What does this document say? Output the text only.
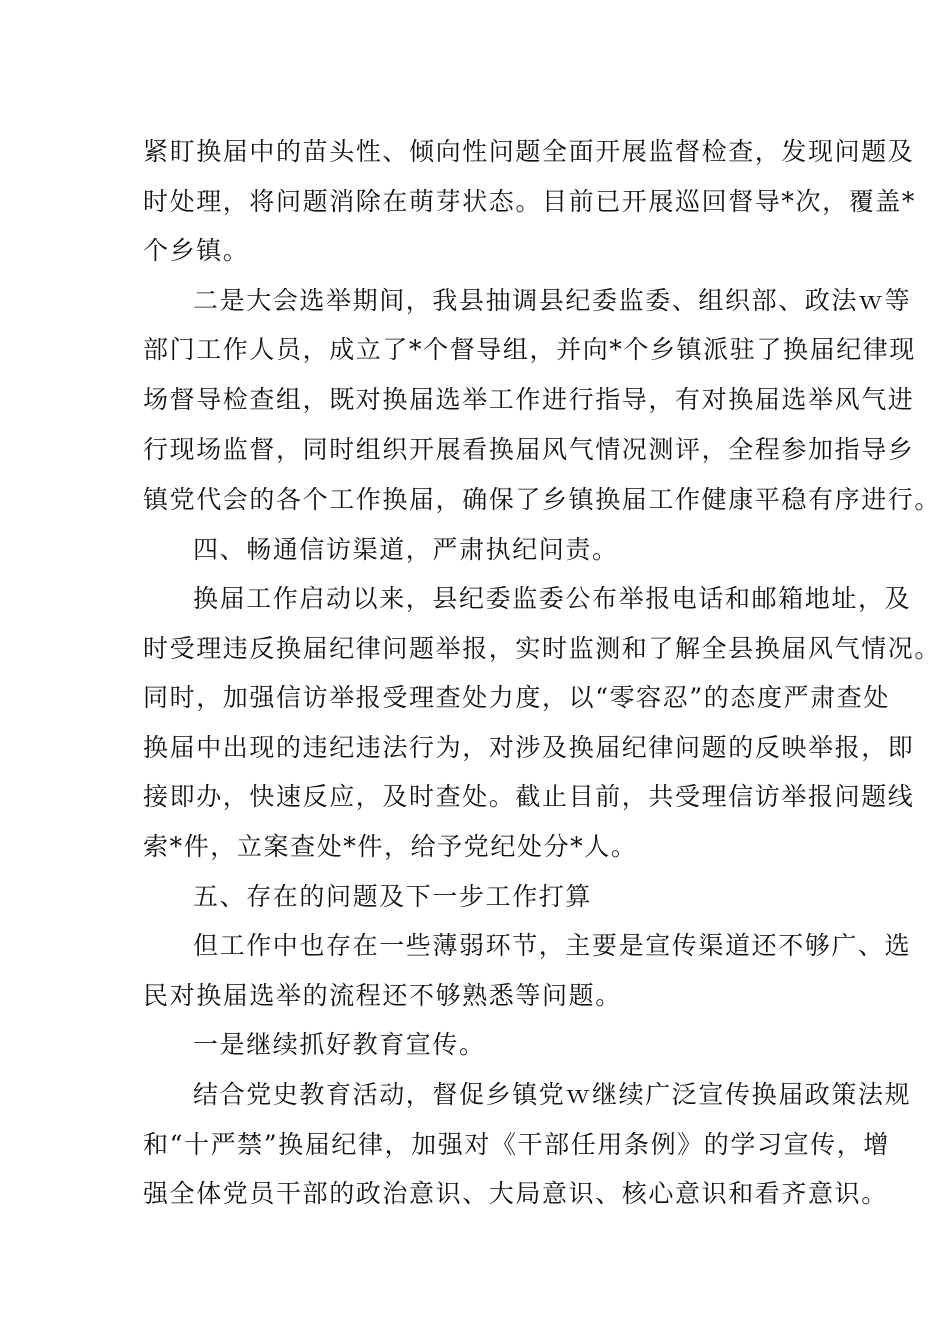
紧盯换届中的苗头性、倾向性问题全面开展监督检查，发现问题及
时处理，将问题消除在萌芽状态。目前已开展巡回督导*次，覆盖*
个乡镇。
二是大会选举期间，我县抽调县纪委监委、组织部、政法ｗ等
部门工作人员，成立了*个督导组，并向*个乡镇派驻了换届纪律现
场督导检查组，既对换届选举工作进行指导，有对换届选举风气进
行现场监督，同时组织开展看换届风气情况测评，全程参加指导乡
镇党代会的各个工作换届，确保了乡镇换届工作健康平稳有序进行。
四、畅通信访渠道，严肃执纪问责。
换届工作启动以来，县纪委监委公布举报电话和邮箱地址，及
时受理违反换届纪律问题举报，实时监测和了解全县换届风气情况。
同时，加强信访举报受理查处力度，以“零容忍”的态度严肃查处
换届中出现的违纪违法行为，对涉及换届纪律问题的反映举报，即
接即办，快速反应，及时查处。截止目前，共受理信访举报问题线
索*件，立案查处*件，给予党纪处分*人。
五、存在的问题及下一步工作打算
但工作中也存在一些薄弱环节，主要是宣传渠道还不够广、选
民对换届选举的流程还不够熟悉等问题。
一是继续抓好教育宣传。
结合党史教育活动，督促乡镇党ｗ继续广泛宣传换届政策法规
和“十严禁”换届纪律，加强对《干部任用条例》的学习宣传，增
强全体党员干部的政治意识、大局意识、核心意识和看齐意识。
